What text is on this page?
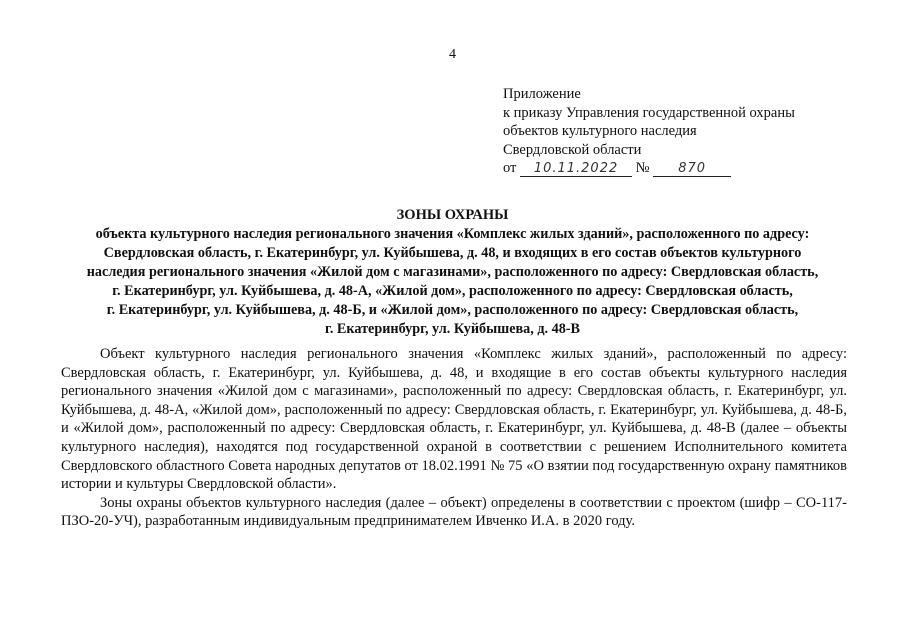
4
Приложение
к приказу Управления государственной охраны
объектов культурного наследия
Свердловской области
от 10.11.2022 № 870
ЗОНЫ ОХРАНЫ
объекта культурного наследия регионального значения «Комплекс жилых зданий», расположенного по адресу:
Свердловская область, г. Екатеринбург, ул. Куйбышева, д. 48, и входящих в его состав объектов культурного
наследия регионального значения «Жилой дом с магазинами», расположенного по адресу: Свердловская область,
г. Екатеринбург, ул. Куйбышева, д. 48-А, «Жилой дом», расположенного по адресу: Свердловская область,
г. Екатеринбург, ул. Куйбышева, д. 48-Б, и «Жилой дом», расположенного по адресу: Свердловская область,
г. Екатеринбург, ул. Куйбышева, д. 48-В

Объект культурного наследия регионального значения «Комплекс жилых зданий», расположенный по адресу: Свердловская область, г. Екатеринбург, ул. Куйбышева, д. 48, и входящие в его состав объекты культурного наследия регионального значения «Жилой дом с магазинами», расположенный по адресу: Свердловская область, г. Екатеринбург, ул. Куйбышева, д. 48-А, «Жилой дом», расположенный по адресу: Свердловская область, г. Екатеринбург, ул. Куйбышева, д. 48-Б, и «Жилой дом», расположенный по адресу: Свердловская область, г. Екатеринбург, ул. Куйбышева, д. 48-В (далее – объекты культурного наследия), находятся под государственной охраной в соответствии с решением Исполнительного комитета Свердловского областного Совета народных депутатов от 18.02.1991 № 75 «О взятии под государственную охрану памятников истории и культуры Свердловской области».

Зоны охраны объектов культурного наследия (далее – объект) определены в соответствии с проектом (шифр – СО-117-ПЗО-20-УЧ), разработанным индивидуальным предпринимателем Ивченко И.А. в 2020 году.
